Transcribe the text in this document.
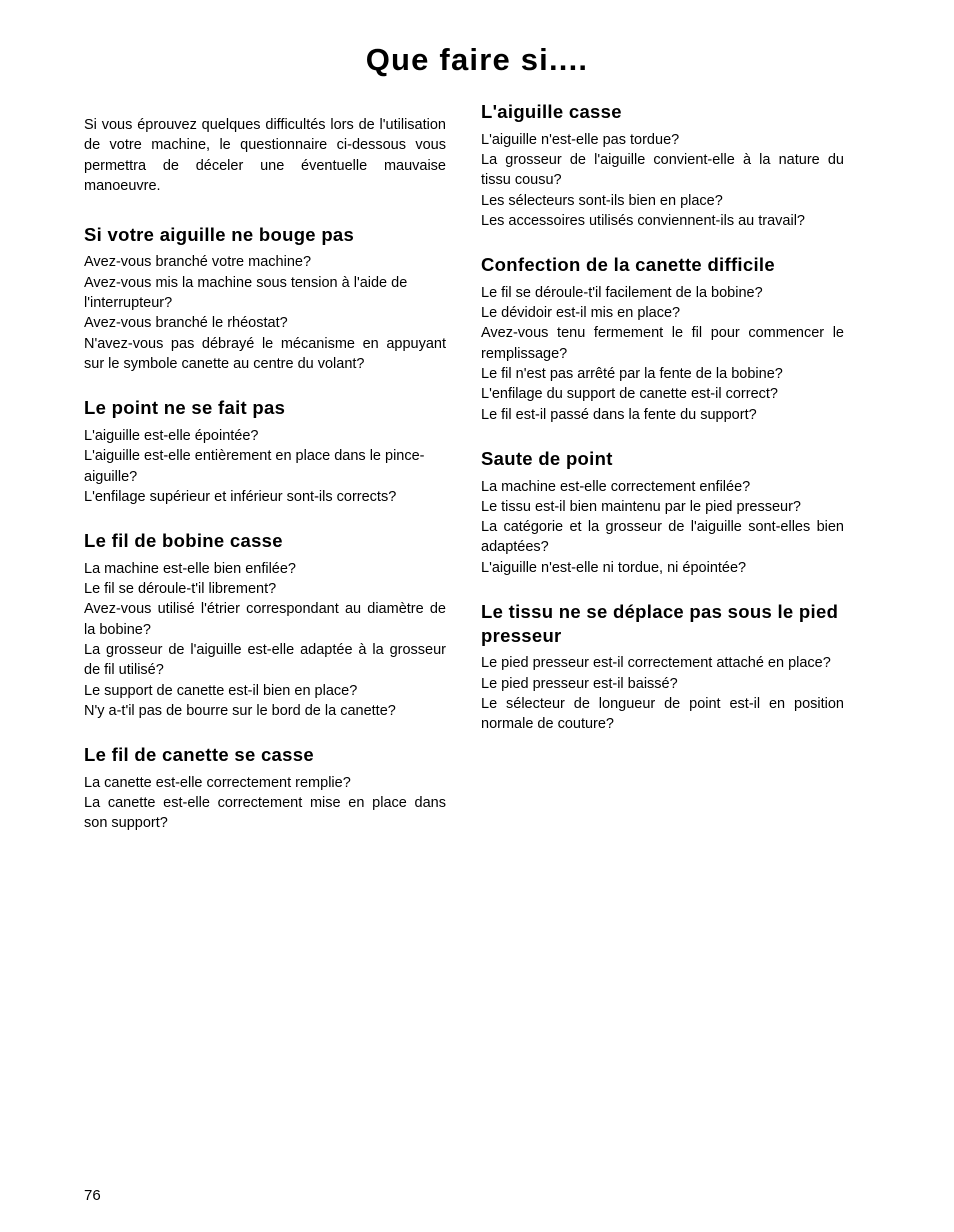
Que faire si....

Si vous éprouvez quelques difficultés lors de l'utilisation de votre machine, le questionnaire ci-dessous vous permettra de déceler une éventuelle mauvaise manoeuvre.

Si votre aiguille ne bouge pas

Avez-vous branché votre machine?

Avez-vous mis la machine sous tension à l'aide de l'interrupteur?

Avez-vous branché le rhéostat?

N'avez-vous pas débrayé le mécanisme en appuyant sur le symbole canette au centre du volant?

Le point ne se fait pas

L'aiguille est-elle épointée?

L'aiguille est-elle entièrement en place dans le pince-aiguille?

L'enfilage supérieur et inférieur sont-ils corrects?

Le fil de bobine casse

La machine est-elle bien enfilée?

Le fil se déroule-t'il librement?

Avez-vous utilisé l'étrier correspondant au diamètre de la bobine?

La grosseur de l'aiguille est-elle adaptée à la grosseur de fil utilisé?

Le support de canette est-il bien en place?

N'y a-t'il pas de bourre sur le bord de la canette?

Le fil de canette se casse

La canette est-elle correctement remplie?

La canette est-elle correctement mise en place dans son support?

L'aiguille casse

L'aiguille n'est-elle pas tordue?

La grosseur de l'aiguille convient-elle à la nature du tissu cousu?

Les sélecteurs sont-ils bien en place?

Les accessoires utilisés conviennent-ils au travail?

Confection de la canette difficile

Le fil se déroule-t'il facilement de la bobine?

Le dévidoir est-il mis en place?

Avez-vous tenu fermement le fil pour commencer le remplissage?

Le fil n'est pas arrêté par la fente de la bobine?

L'enfilage du support de canette est-il correct?

Le fil est-il passé dans la fente du support?

Saute de point

La machine est-elle correctement enfilée?

Le tissu est-il bien maintenu par le pied presseur?

La catégorie et la grosseur de l'aiguille sont-elles bien adaptées?

L'aiguille n'est-elle ni tordue, ni épointée?

Le tissu ne se déplace pas sous le pied presseur

Le pied presseur est-il correctement attaché en place?

Le pied presseur est-il baissé?

Le sélecteur de longueur de point est-il en position normale de couture?

76
